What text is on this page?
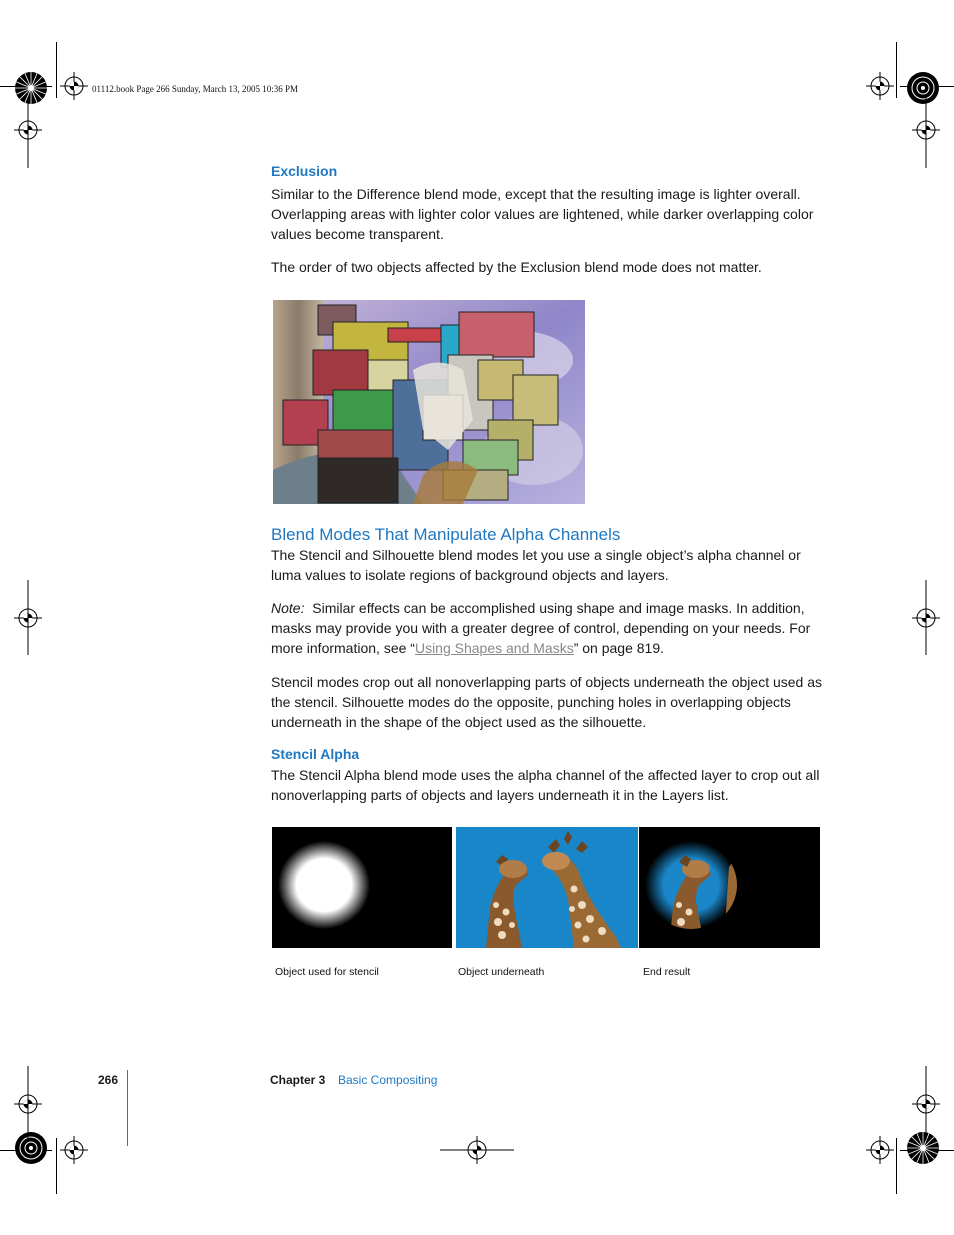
01112.book Page 266 Sunday, March 13, 2005 10:36 PM
Exclusion
Similar to the Difference blend mode, except that the resulting image is lighter overall. Overlapping areas with lighter color values are lightened, while darker overlapping color values become transparent.
The order of two objects affected by the Exclusion blend mode does not matter.
Blend Modes That Manipulate Alpha Channels
The Stencil and Silhouette blend modes let you use a single object’s alpha channel or luma values to isolate regions of background objects and layers.
Note: Similar effects can be accomplished using shape and image masks. In addition, masks may provide you with a greater degree of control, depending on your needs. For more information, see “Using Shapes and Masks” on page 819.
Stencil modes crop out all nonoverlapping parts of objects underneath the object used as the stencil. Silhouette modes do the opposite, punching holes in overlapping objects underneath in the shape of the object used as the silhouette.
Stencil Alpha
The Stencil Alpha blend mode uses the alpha channel of the affected layer to crop out all nonoverlapping parts of objects and layers underneath it in the Layers list.
Object used for stencil	Object underneath	End result
266	Chapter 3 Basic Compositing
